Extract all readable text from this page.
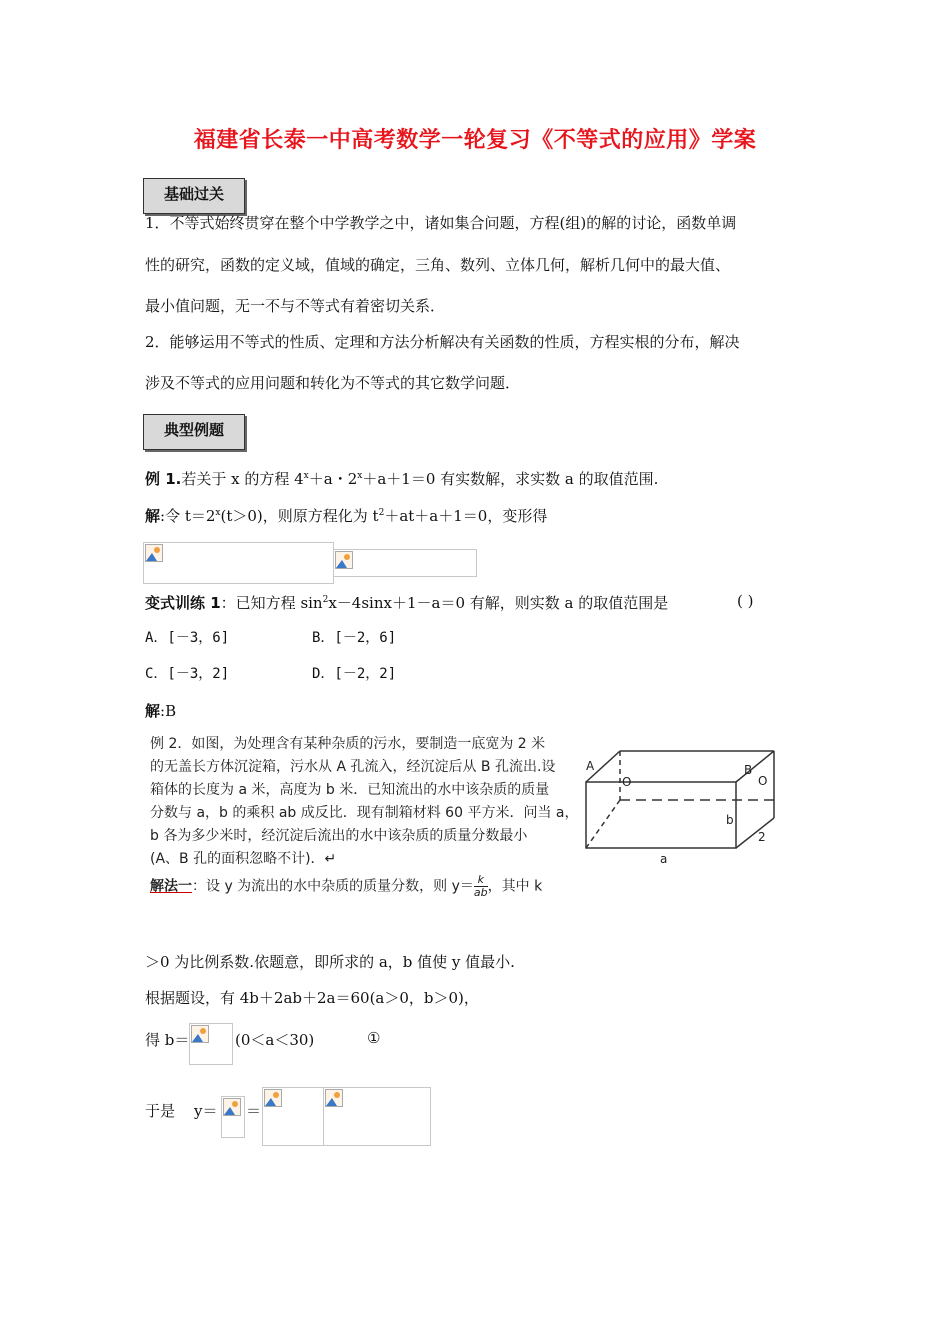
福建省长泰一中高考数学一轮复习《不等式的应用》学案
基础过关
1．不等式始终贯穿在整个中学教学之中，诸如集合问题，方程(组)的解的讨论，函数单调
性的研究，函数的定义域，值域的确定，三角、数列、立体几何，解析几何中的最大值、
最小值问题，无一不与不等式有着密切关系．
2．能够运用不等式的性质、定理和方法分析解决有关函数的性质，方程实根的分布，解决
涉及不等式的应用问题和转化为不等式的其它数学问题．
典型例题
例 1.若关于 x 的方程 $4^x+a$・$2^x+a+1=0$ 有实数解，求实数 a 的取值范围.
解:令 $t=2^x(t>0)$，则原方程化为 $t^2+at+a+1=0$，变形得
变式训练 1：已知方程 $\sin^2x-4\sin x+1-a=0$ 有解，则实数 a 的取值范围是	( )
A．[－3，6]	B．[－2，6]
C．[－3，2]	D．[－2，2]
解:B
例 2．如图，为处理含有某种杂质的污水，要制造一底宽为 2 米
的无盖长方体沉淀箱，污水从 A 孔流入，经沉淀后从 B 孔流出.设
箱体的长度为 a 米，高度为 b 米．已知流出的水中该杂质的质量
分数与 a，b 的乘积 ab 成反比．现有制箱材料 60 平方米．问当 a，
b 各为多少米时，经沉淀后流出的水中该杂质的质量分数最小
(A、B 孔的面积忽略不计)．↵
解法一：设 y 为流出的水中杂质的质量分数，则 $y= \frac{k}{ab}$ ，其中 k
A
O
B
O
b
2
a
＞0 为比例系数.依题意，即所求的 a，b 值使 y 值最小.
根据题设，有 4b＋2ab＋2a＝60(a＞0，b＞0)，
得 b＝	(0＜a＜30)	①
于是 y＝ ＝
